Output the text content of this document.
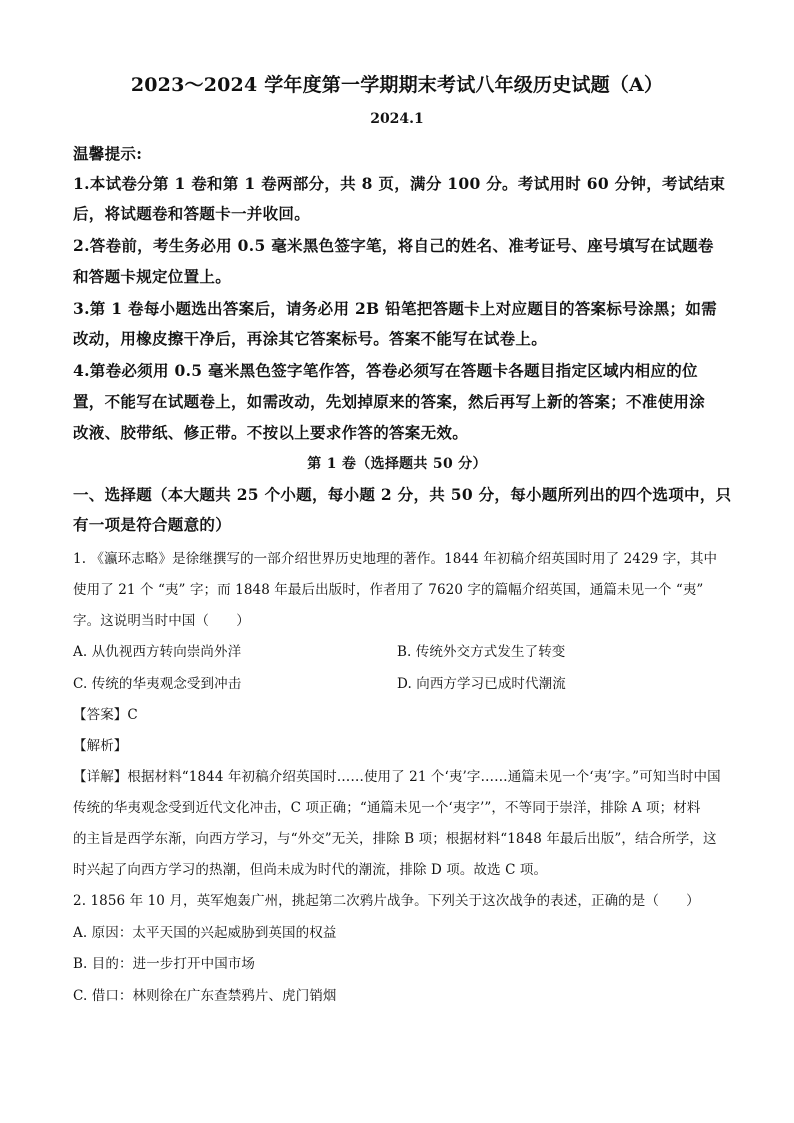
2023～2024 学年度第一学期期末考试八年级历史试题（A）
2024.1
温馨提示:
1.本试卷分第 1 卷和第 1 卷两部分，共 8 页，满分 100 分。考试用时 60 分钟，考试结束
后，将试题卷和答题卡一并收回。
2.答卷前，考生务必用 0.5 毫米黑色签字笔，将自己的姓名、准考证号、座号填写在试题卷
和答题卡规定位置上。
3.第 1 卷每小题选出答案后，请务必用 2B 铅笔把答题卡上对应题目的答案标号涂黑；如需
改动，用橡皮擦干净后，再涂其它答案标号。答案不能写在试卷上。
4.第卷必须用 0.5 毫米黑色签字笔作答，答卷必须写在答题卡各题目指定区域内相应的位
置，不能写在试题卷上，如需改动，先划掉原来的答案，然后再写上新的答案；不准使用涂
改液、胶带纸、修正带。不按以上要求作答的答案无效。
第 1 卷（选择题共 50 分）
一、选择题（本大题共 25 个小题，每小题 2 分，共 50 分，每小题所列出的四个选项中，只
有一项是符合题意的）
1. 《瀛环志略》是徐继撰写的一部介绍世界历史地理的著作。1844 年初稿介绍英国时用了 2429 字，其中
使用了 21 个 “夷” 字；而 1848 年最后出版时，作者用了 7620 字的篇幅介绍英国，通篇未见一个 “夷”
字。这说明当时中国（　　）
A. 从仇视西方转向崇尚外洋	B. 传统外交方式发生了转变
C. 传统的华夷观念受到冲击	D. 向西方学习已成时代潮流
【答案】C
【解析】
【详解】根据材料“1844 年初稿介绍英国时……使用了 21 个‘夷’字……通篇未见一个‘夷’字。”可知当时中国
传统的华夷观念受到近代文化冲击，C 项正确；“通篇未见一个‘夷字’”，不等同于崇洋，排除 A 项；材料
的主旨是西学东渐，向西方学习，与“外交”无关，排除 B 项；根据材料“1848 年最后出版”，结合所学，这
时兴起了向西方学习的热潮，但尚未成为时代的潮流，排除 D 项。故选 C 项。
2. 1856 年 10 月，英军炮轰广州，挑起第二次鸦片战争。下列关于这次战争的表述，正确的是（　　）
A. 原因：太平天国的兴起威胁到英国的权益
B. 目的：进一步打开中国市场
C. 借口：林则徐在广东查禁鸦片、虎门销烟
